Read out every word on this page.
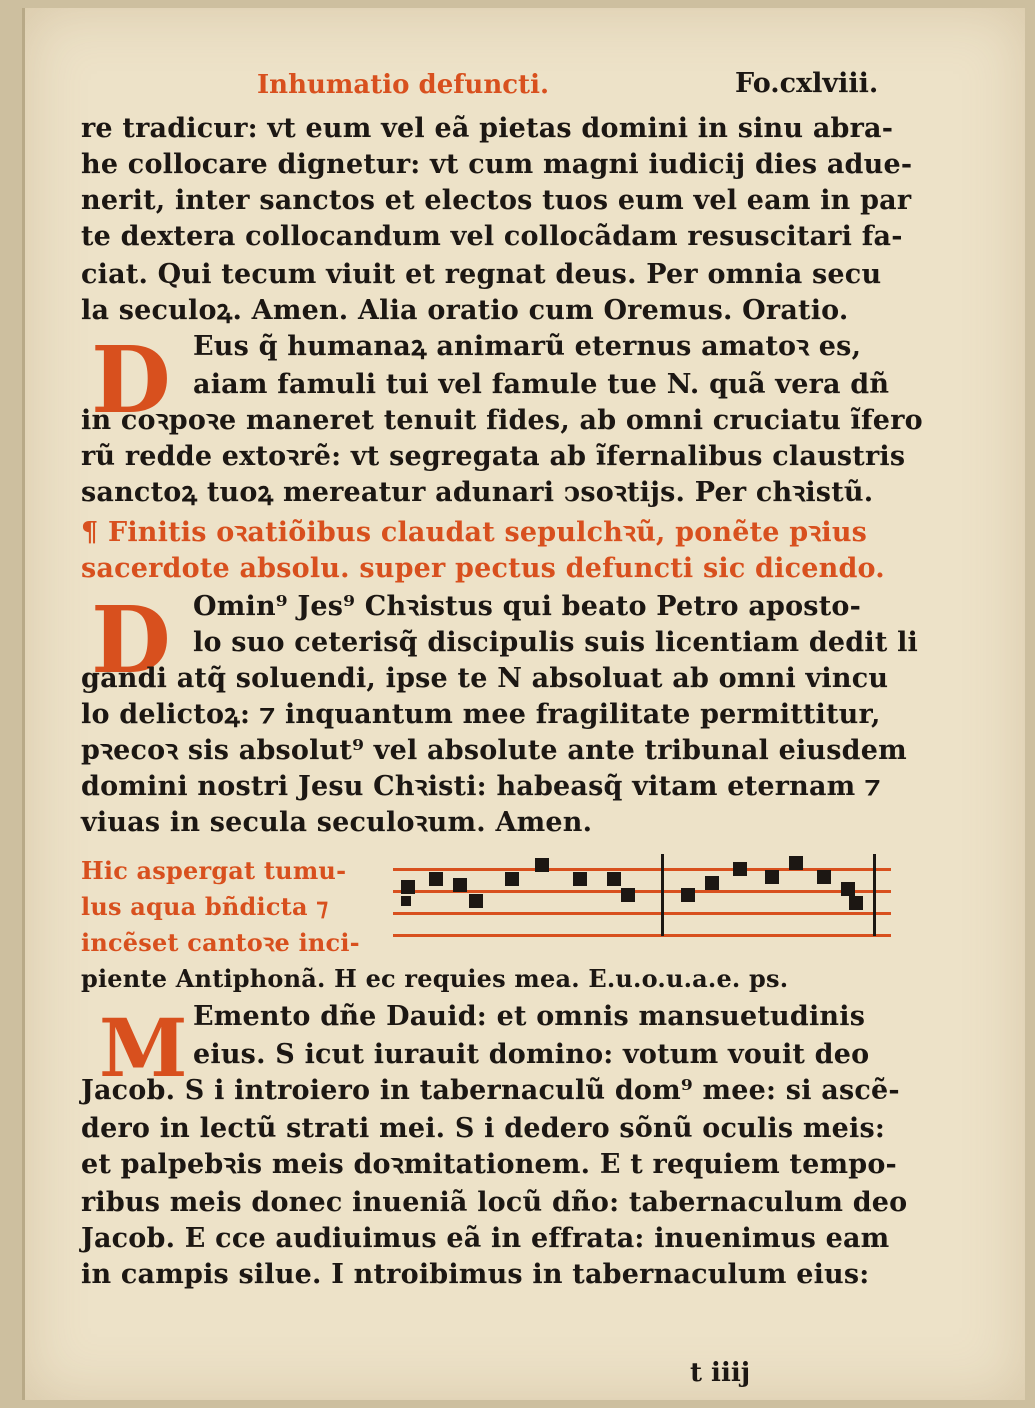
Inhumatio defuncti.	Fo.cxlviii.
D
D
M
re tradicur: vt eum vel eã pietas domini in sinu abra-
he collocare dignetur: vt cum magni iudicij dies adue-
nerit, inter sanctos et electos tuos eum vel eam in par
te dextera collocandum vel collocãdam resuscitari fa-
ciat. Qui tecum viuit et regnat deus. Per omnia secu
la seculoꝝ. Amen. Alia oratio cum Oremus. Oratio.
Eus q̃ humanaꝝ animarũ eternus amatoꝛ es,
aiam famuli tui vel famule tue N. quã vera dñ
in coꝛpoꝛe maneret tenuit fides, ab omni cruciatu ĩfero
rũ redde extoꝛrẽ: vt segregata ab ĩfernalibus claustris
sanctoꝝ tuoꝝ mereatur adunari ↄsoꝛtijs. Per chꝛistũ.
¶ Finitis oꝛatiõibus claudat sepulchꝛũ, ponẽte pꝛius
sacerdote absolu. super pectus defuncti sic dicendo.
Omin⁹ Jes⁹ Chꝛistus qui beato Petro aposto-
lo suo ceterisq̃ discipulis suis licentiam dedit li
gandi atq̃ soluendi, ipse te N absoluat ab omni vincu
lo delictoꝝ: ⁊ inquantum mee fragilitate permittitur,
pꝛecoꝛ sis absolut⁹ vel absolute ante tribunal eiusdem
domini nostri Jesu Chꝛisti: habeasq̃ vitam eternam ⁊
viuas in secula seculoꝛum. Amen.
Hic aspergat tumu-
lus aqua bñdicta ⁊
incẽset cantoꝛe inci-
piente Antiphonã. H ec requies mea. E.u.o.u.a.e. ps.
Emento dñe Dauid: et omnis mansuetudinis
eius. S icut iurauit domino: votum vouit deo
Jacob. S i introiero in tabernaculũ dom⁹ mee: si ascẽ-
dero in lectũ strati mei. S i dedero sõnũ oculis meis:
et palpebꝛis meis doꝛmitationem. E t requiem tempo-
ribus meis donec inueniã locũ dño: tabernaculum deo
Jacob. E cce audiuimus eã in effrata: inuenimus eam
in campis silue. I ntroibimus in tabernaculum eius:
t iiij
